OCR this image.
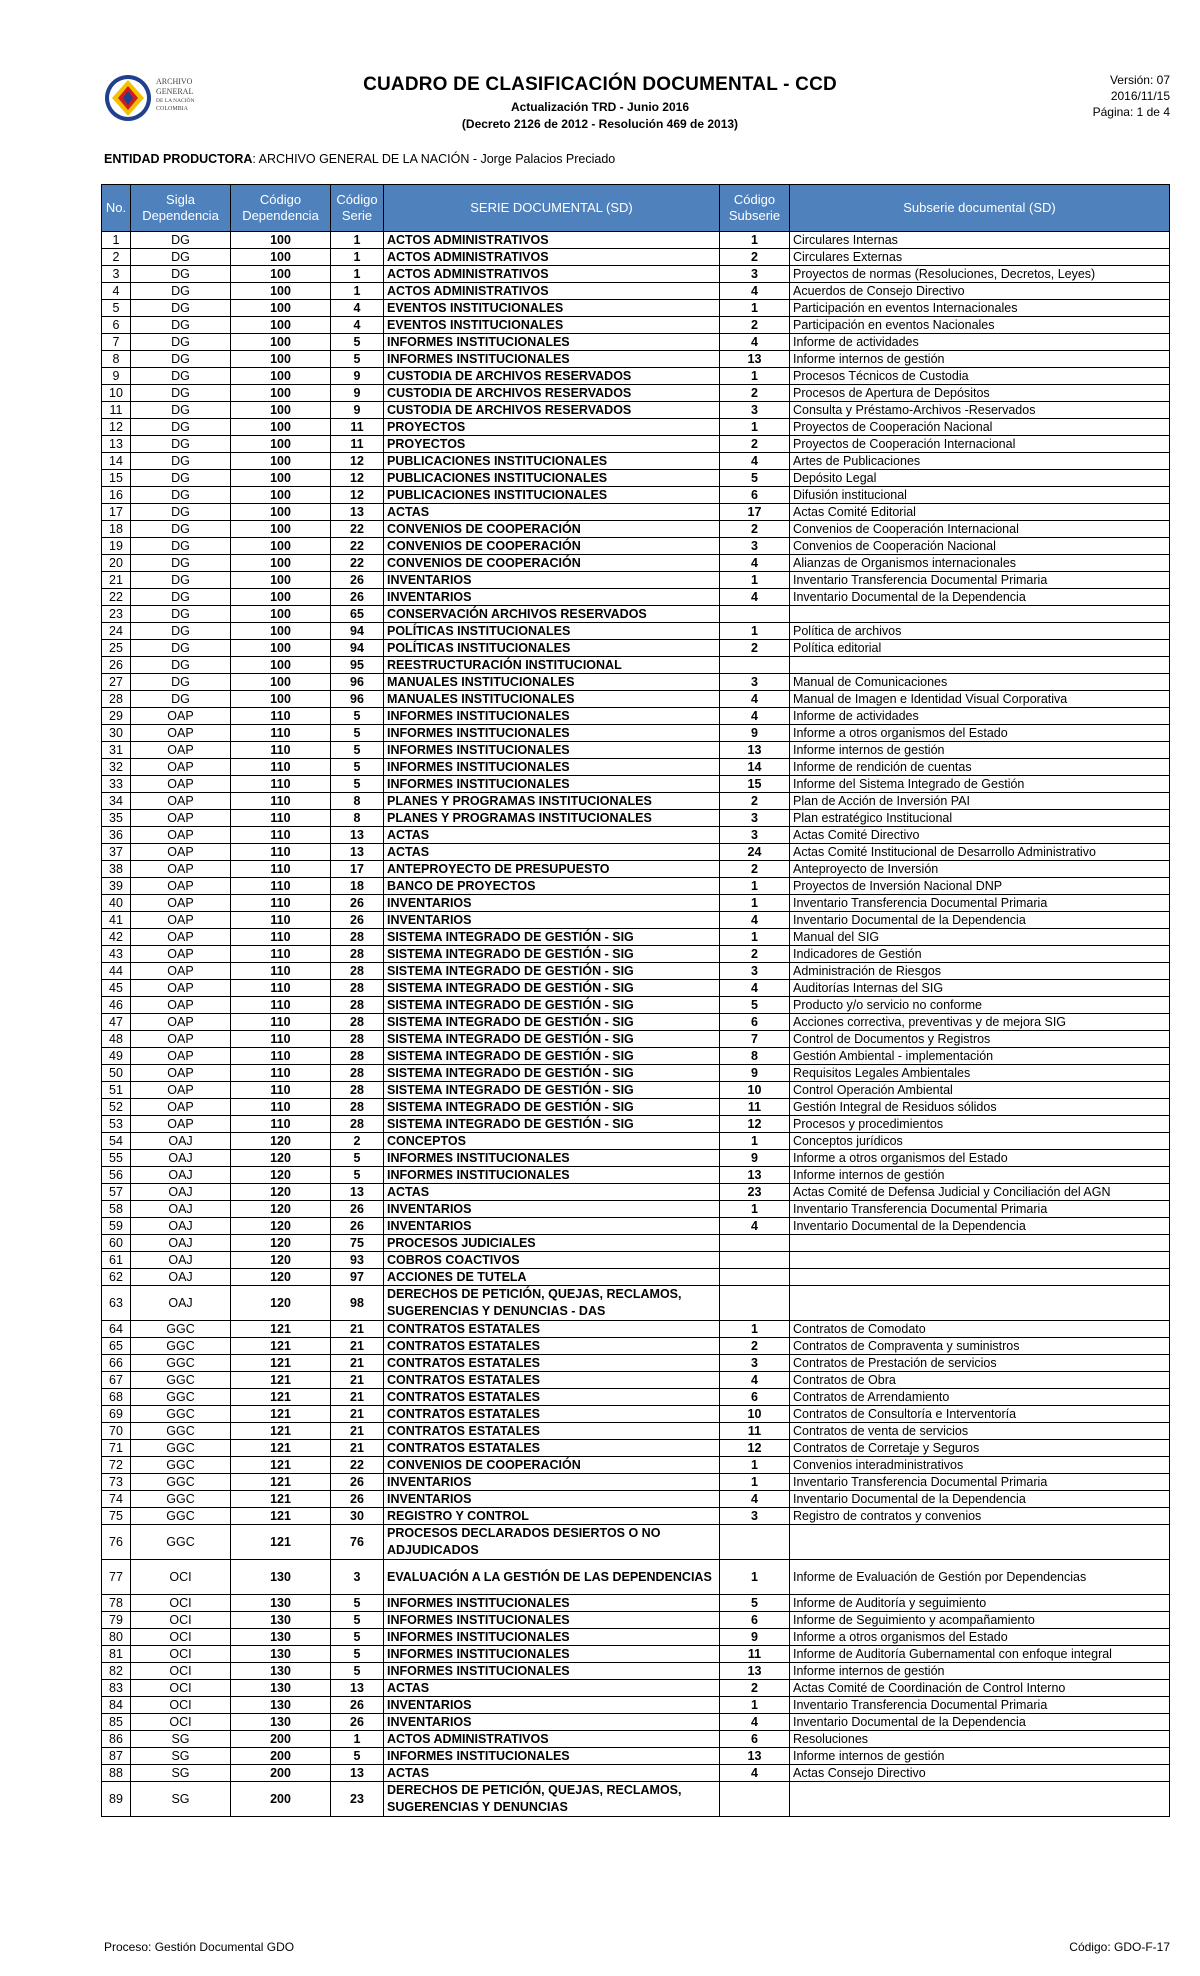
ARCHIVO
GENERAL
DE LA NACIÓN
COLOMBIA
CUADRO DE CLASIFICACIÓN DOCUMENTAL - CCD
Actualización TRD - Junio 2016
(Decreto 2126 de 2012 - Resolución 469 de 2013)
Versión: 07
2016/11/15
Página: 1 de 4
ENTIDAD PRODUCTORA: ARCHIVO GENERAL DE LA NACIÓN - Jorge Palacios Preciado
No.	Sigla Dependencia	Código Dependencia	Código Serie	SERIE DOCUMENTAL (SD)	Código Subserie	Subserie documental (SD)
1	DG	100	1	ACTOS ADMINISTRATIVOS	1	Circulares Internas
2	DG	100	1	ACTOS ADMINISTRATIVOS	2	Circulares Externas
3	DG	100	1	ACTOS ADMINISTRATIVOS	3	Proyectos de normas (Resoluciones, Decretos, Leyes)
4	DG	100	1	ACTOS ADMINISTRATIVOS	4	Acuerdos de Consejo Directivo
5	DG	100	4	EVENTOS INSTITUCIONALES	1	Participación en eventos Internacionales
6	DG	100	4	EVENTOS INSTITUCIONALES	2	Participación en eventos Nacionales
7	DG	100	5	INFORMES INSTITUCIONALES	4	Informe de actividades
8	DG	100	5	INFORMES INSTITUCIONALES	13	Informe internos de gestión
9	DG	100	9	CUSTODIA DE ARCHIVOS RESERVADOS	1	Procesos Técnicos de Custodia
10	DG	100	9	CUSTODIA DE ARCHIVOS RESERVADOS	2	Procesos de Apertura de Depósitos
11	DG	100	9	CUSTODIA DE ARCHIVOS RESERVADOS	3	Consulta y Préstamo-Archivos -Reservados
12	DG	100	11	PROYECTOS	1	Proyectos de Cooperación Nacional
13	DG	100	11	PROYECTOS	2	Proyectos de Cooperación Internacional
14	DG	100	12	PUBLICACIONES INSTITUCIONALES	4	Artes de Publicaciones
15	DG	100	12	PUBLICACIONES INSTITUCIONALES	5	Depósito Legal
16	DG	100	12	PUBLICACIONES INSTITUCIONALES	6	Difusión institucional
17	DG	100	13	ACTAS	17	Actas Comité Editorial
18	DG	100	22	CONVENIOS DE COOPERACIÓN	2	Convenios de Cooperación Internacional
19	DG	100	22	CONVENIOS DE COOPERACIÓN	3	Convenios de Cooperación Nacional
20	DG	100	22	CONVENIOS DE COOPERACIÓN	4	Alianzas de Organismos internacionales
21	DG	100	26	INVENTARIOS	1	Inventario Transferencia Documental Primaria
22	DG	100	26	INVENTARIOS	4	Inventario Documental de la Dependencia
23	DG	100	65	CONSERVACIÓN ARCHIVOS RESERVADOS		
24	DG	100	94	POLÍTICAS INSTITUCIONALES	1	Política de archivos
25	DG	100	94	POLÍTICAS INSTITUCIONALES	2	Política editorial
26	DG	100	95	REESTRUCTURACIÓN INSTITUCIONAL		
27	DG	100	96	MANUALES INSTITUCIONALES	3	Manual de Comunicaciones
28	DG	100	96	MANUALES INSTITUCIONALES	4	Manual de Imagen e Identidad Visual Corporativa
29	OAP	110	5	INFORMES INSTITUCIONALES	4	Informe de actividades
30	OAP	110	5	INFORMES INSTITUCIONALES	9	Informe a otros organismos del Estado
31	OAP	110	5	INFORMES INSTITUCIONALES	13	Informe internos de gestión
32	OAP	110	5	INFORMES INSTITUCIONALES	14	Informe de rendición de cuentas
33	OAP	110	5	INFORMES INSTITUCIONALES	15	Informe del Sistema Integrado de Gestión
34	OAP	110	8	PLANES Y PROGRAMAS INSTITUCIONALES	2	Plan de Acción de Inversión PAI
35	OAP	110	8	PLANES Y PROGRAMAS INSTITUCIONALES	3	Plan estratégico Institucional
36	OAP	110	13	ACTAS	3	Actas Comité Directivo
37	OAP	110	13	ACTAS	24	Actas Comité Institucional de Desarrollo Administrativo
38	OAP	110	17	ANTEPROYECTO DE PRESUPUESTO	2	Anteproyecto de Inversión
39	OAP	110	18	BANCO DE PROYECTOS	1	Proyectos de Inversión Nacional DNP
40	OAP	110	26	INVENTARIOS	1	Inventario Transferencia Documental Primaria
41	OAP	110	26	INVENTARIOS	4	Inventario Documental de la Dependencia
42	OAP	110	28	SISTEMA INTEGRADO DE GESTIÓN - SIG	1	Manual del SIG
43	OAP	110	28	SISTEMA INTEGRADO DE GESTIÓN - SIG	2	Indicadores de Gestión
44	OAP	110	28	SISTEMA INTEGRADO DE GESTIÓN - SIG	3	Administración de Riesgos
45	OAP	110	28	SISTEMA INTEGRADO DE GESTIÓN - SIG	4	Auditorías Internas del SIG
46	OAP	110	28	SISTEMA INTEGRADO DE GESTIÓN - SIG	5	Producto y/o servicio no conforme
47	OAP	110	28	SISTEMA INTEGRADO DE GESTIÓN - SIG	6	Acciones correctiva, preventivas y de mejora SIG
48	OAP	110	28	SISTEMA INTEGRADO DE GESTIÓN - SIG	7	Control de Documentos y Registros
49	OAP	110	28	SISTEMA INTEGRADO DE GESTIÓN - SIG	8	Gestión Ambiental - implementación
50	OAP	110	28	SISTEMA INTEGRADO DE GESTIÓN - SIG	9	Requisitos Legales Ambientales
51	OAP	110	28	SISTEMA INTEGRADO DE GESTIÓN - SIG	10	Control Operación Ambiental
52	OAP	110	28	SISTEMA INTEGRADO DE GESTIÓN - SIG	11	Gestión Integral de Residuos sólidos
53	OAP	110	28	SISTEMA INTEGRADO DE GESTIÓN - SIG	12	Procesos y procedimientos
54	OAJ	120	2	CONCEPTOS	1	Conceptos jurídicos
55	OAJ	120	5	INFORMES INSTITUCIONALES	9	Informe a otros organismos del Estado
56	OAJ	120	5	INFORMES INSTITUCIONALES	13	Informe internos de gestión
57	OAJ	120	13	ACTAS	23	Actas Comité de Defensa Judicial y Conciliación del AGN
58	OAJ	120	26	INVENTARIOS	1	Inventario Transferencia Documental Primaria
59	OAJ	120	26	INVENTARIOS	4	Inventario Documental de la Dependencia
60	OAJ	120	75	PROCESOS JUDICIALES		
61	OAJ	120	93	COBROS COACTIVOS		
62	OAJ	120	97	ACCIONES DE TUTELA		
63	OAJ	120	98	DERECHOS DE PETICIÓN, QUEJAS, RECLAMOS, SUGERENCIAS Y DENUNCIAS - DAS		
64	GGC	121	21	CONTRATOS ESTATALES	1	Contratos de Comodato
65	GGC	121	21	CONTRATOS ESTATALES	2	Contratos de Compraventa y suministros
66	GGC	121	21	CONTRATOS ESTATALES	3	Contratos de Prestación de servicios
67	GGC	121	21	CONTRATOS ESTATALES	4	Contratos de Obra
68	GGC	121	21	CONTRATOS ESTATALES	6	Contratos de Arrendamiento
69	GGC	121	21	CONTRATOS ESTATALES	10	Contratos de Consultoría e Interventoría
70	GGC	121	21	CONTRATOS ESTATALES	11	Contratos de venta de servicios
71	GGC	121	21	CONTRATOS ESTATALES	12	Contratos de Corretaje y Seguros
72	GGC	121	22	CONVENIOS DE COOPERACIÓN	1	Convenios interadministrativos
73	GGC	121	26	INVENTARIOS	1	Inventario Transferencia Documental Primaria
74	GGC	121	26	INVENTARIOS	4	Inventario Documental de la Dependencia
75	GGC	121	30	REGISTRO Y CONTROL	3	Registro de contratos y convenios
76	GGC	121	76	PROCESOS DECLARADOS DESIERTOS O NO ADJUDICADOS		
77	OCI	130	3	EVALUACIÓN A LA GESTIÓN DE LAS DEPENDENCIAS	1	Informe de Evaluación de Gestión por Dependencias
78	OCI	130	5	INFORMES INSTITUCIONALES	5	Informe de Auditoría y seguimiento
79	OCI	130	5	INFORMES INSTITUCIONALES	6	Informe de Seguimiento y acompañamiento
80	OCI	130	5	INFORMES INSTITUCIONALES	9	Informe a otros organismos del Estado
81	OCI	130	5	INFORMES INSTITUCIONALES	11	Informe de Auditoría Gubernamental con enfoque integral
82	OCI	130	5	INFORMES INSTITUCIONALES	13	Informe internos de gestión
83	OCI	130	13	ACTAS	2	Actas Comité de Coordinación de Control Interno
84	OCI	130	26	INVENTARIOS	1	Inventario Transferencia Documental Primaria
85	OCI	130	26	INVENTARIOS	4	Inventario Documental de la Dependencia
86	SG	200	1	ACTOS ADMINISTRATIVOS	6	Resoluciones
87	SG	200	5	INFORMES INSTITUCIONALES	13	Informe internos de gestión
88	SG	200	13	ACTAS	4	Actas Consejo Directivo
89	SG	200	23	DERECHOS DE PETICIÓN, QUEJAS, RECLAMOS, SUGERENCIAS Y DENUNCIAS		
Proceso: Gestión Documental GDO	Código: GDO-F-17
